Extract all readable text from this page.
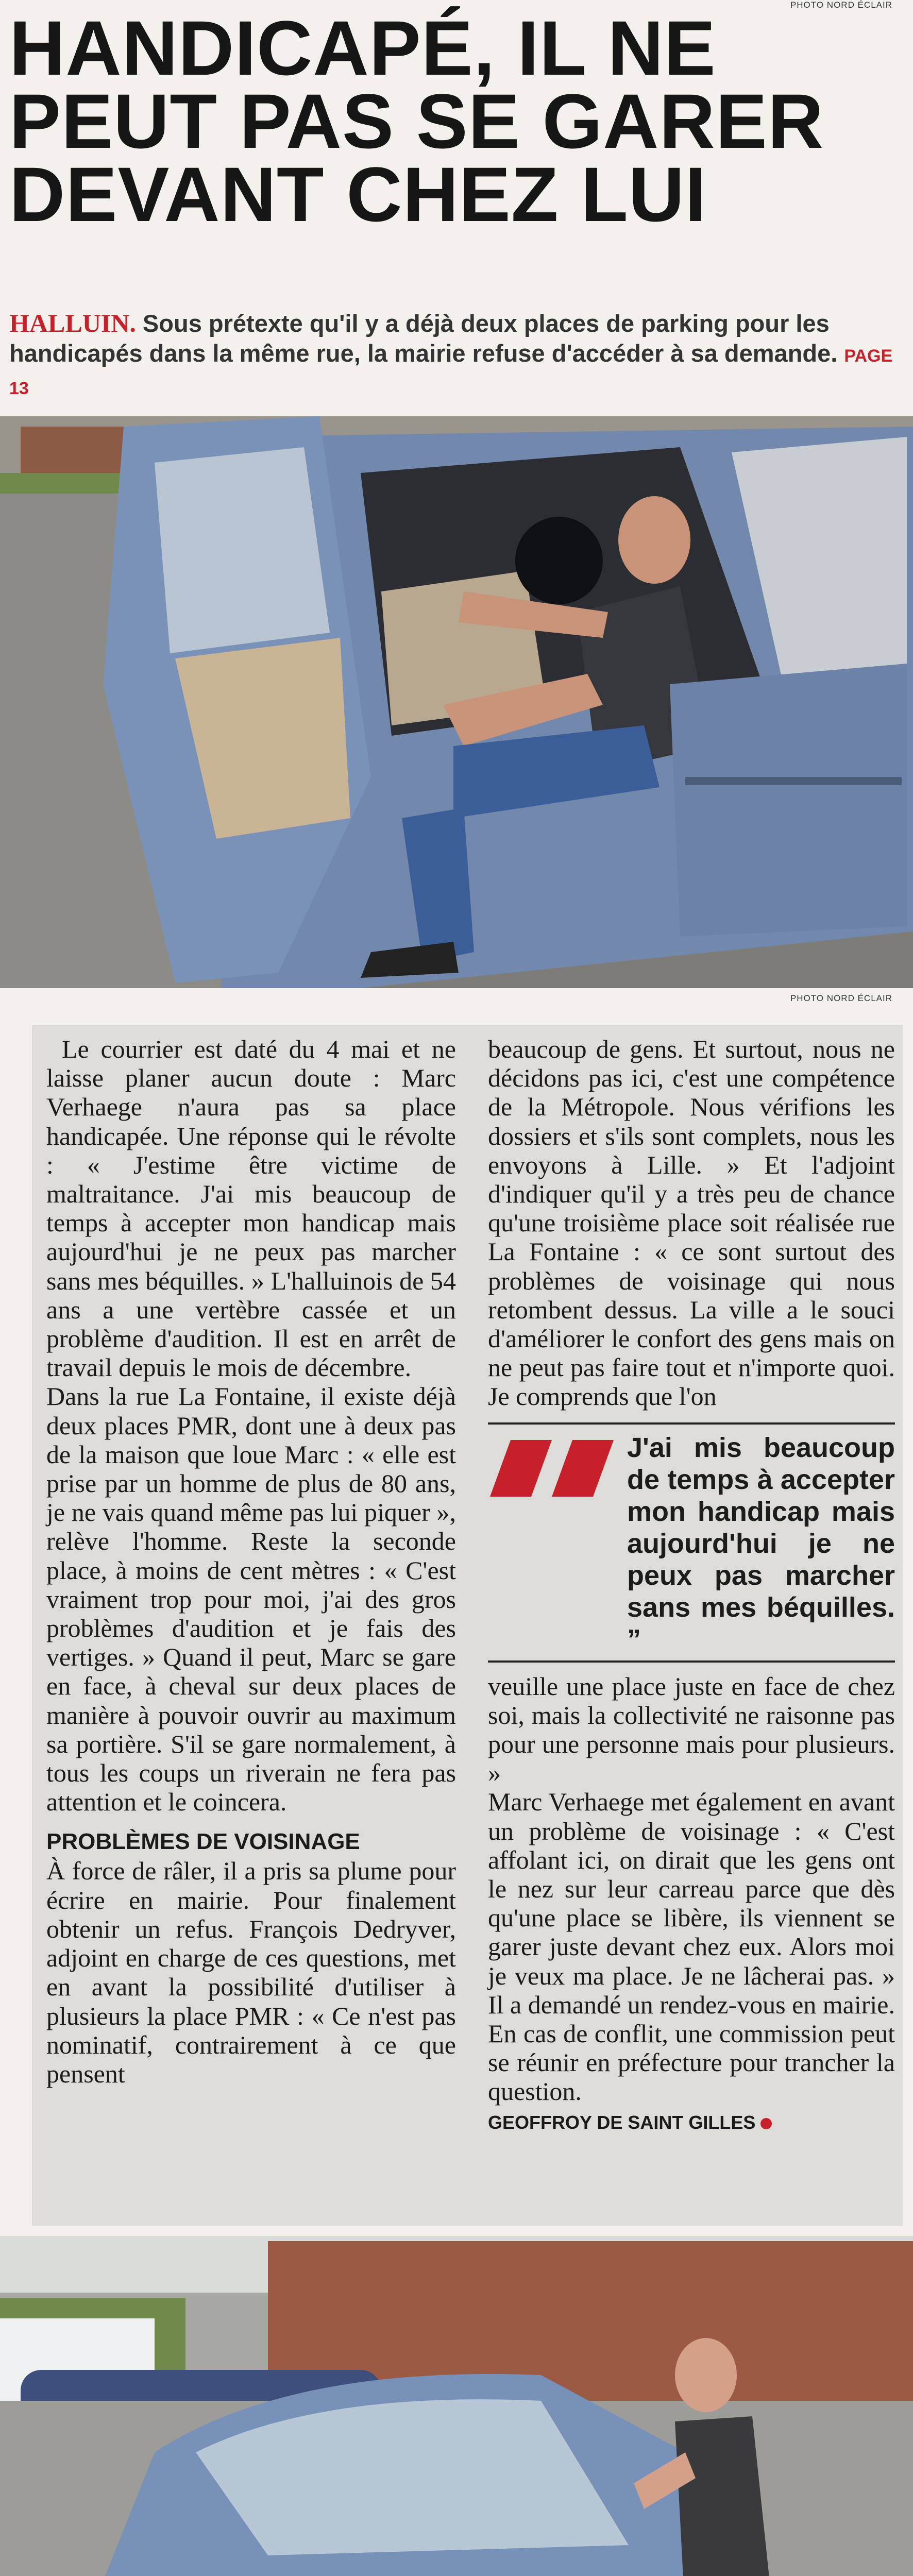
PHOTO NORD ÉCLAIR
HANDICAPÉ, IL NE
PEUT PAS SE GARER
DEVANT CHEZ LUI
HALLUIN. Sous prétexte qu'il y a déjà deux places de parking pour les handicapés dans la même rue, la mairie refuse d'accéder à sa demande. PAGE 13
PHOTO NORD ÉCLAIR

Le courrier est daté du 4 mai et ne laisse planer aucun doute : Marc Verhaege n'aura pas sa place handicapée. Une réponse qui le révolte : « J'estime être victime de maltraitance. J'ai mis beaucoup de temps à accepter mon handicap mais aujourd'hui je ne peux pas marcher sans mes béquilles. » L'halluinois de 54 ans a une vertèbre cassée et un problème d'audition. Il est en arrêt de travail depuis le mois de décembre.

Dans la rue La Fontaine, il existe déjà deux places PMR, dont une à deux pas de la maison que loue Marc : « elle est prise par un homme de plus de 80 ans, je ne vais quand même pas lui piquer », relève l'homme. Reste la seconde place, à moins de cent mètres : « C'est vraiment trop pour moi, j'ai des gros problèmes d'audition et je fais des vertiges. » Quand il peut, Marc se gare en face, à cheval sur deux places de manière à pouvoir ouvrir au maximum sa portière. S'il se gare normalement, à tous les coups un riverain ne fera pas attention et le coincera.

PROBLÈMES DE VOISINAGE

À force de râler, il a pris sa plume pour écrire en mairie. Pour finalement obtenir un refus. François Dedryver, adjoint en charge de ces questions, met en avant la possibilité d'utiliser à plusieurs la place PMR : « Ce n'est pas nominatif, contrairement à ce que pensent

beaucoup de gens. Et surtout, nous ne décidons pas ici, c'est une compétence de la Métropole. Nous vérifions les dossiers et s'ils sont complets, nous les envoyons à Lille. » Et l'adjoint d'indiquer qu'il y a très peu de chance qu'une troisième place soit réalisée rue La Fontaine : « ce sont surtout des problèmes de voisinage qui nous retombent dessus. La ville a le souci d'améliorer le confort des gens mais on ne peut pas faire tout et n'importe quoi. Je comprends que l'on

J'ai mis beaucoup de temps à accepter mon handicap mais aujourd'hui je ne peux pas marcher sans mes béquilles. ”

veuille une place juste en face de chez soi, mais la collectivité ne raisonne pas pour une personne mais pour plusieurs. »

Marc Verhaege met également en avant un problème de voisinage : « C'est affolant ici, on dirait que les gens ont le nez sur leur carreau parce que dès qu'une place se libère, ils viennent se garer juste devant chez eux. Alors moi je veux ma place. Je ne lâcherai pas. » Il a demandé un rendez-vous en mairie. En cas de conflit, une commission peut se réunir en préfecture pour trancher la question.

GEOFFROY DE SAINT GILLES
